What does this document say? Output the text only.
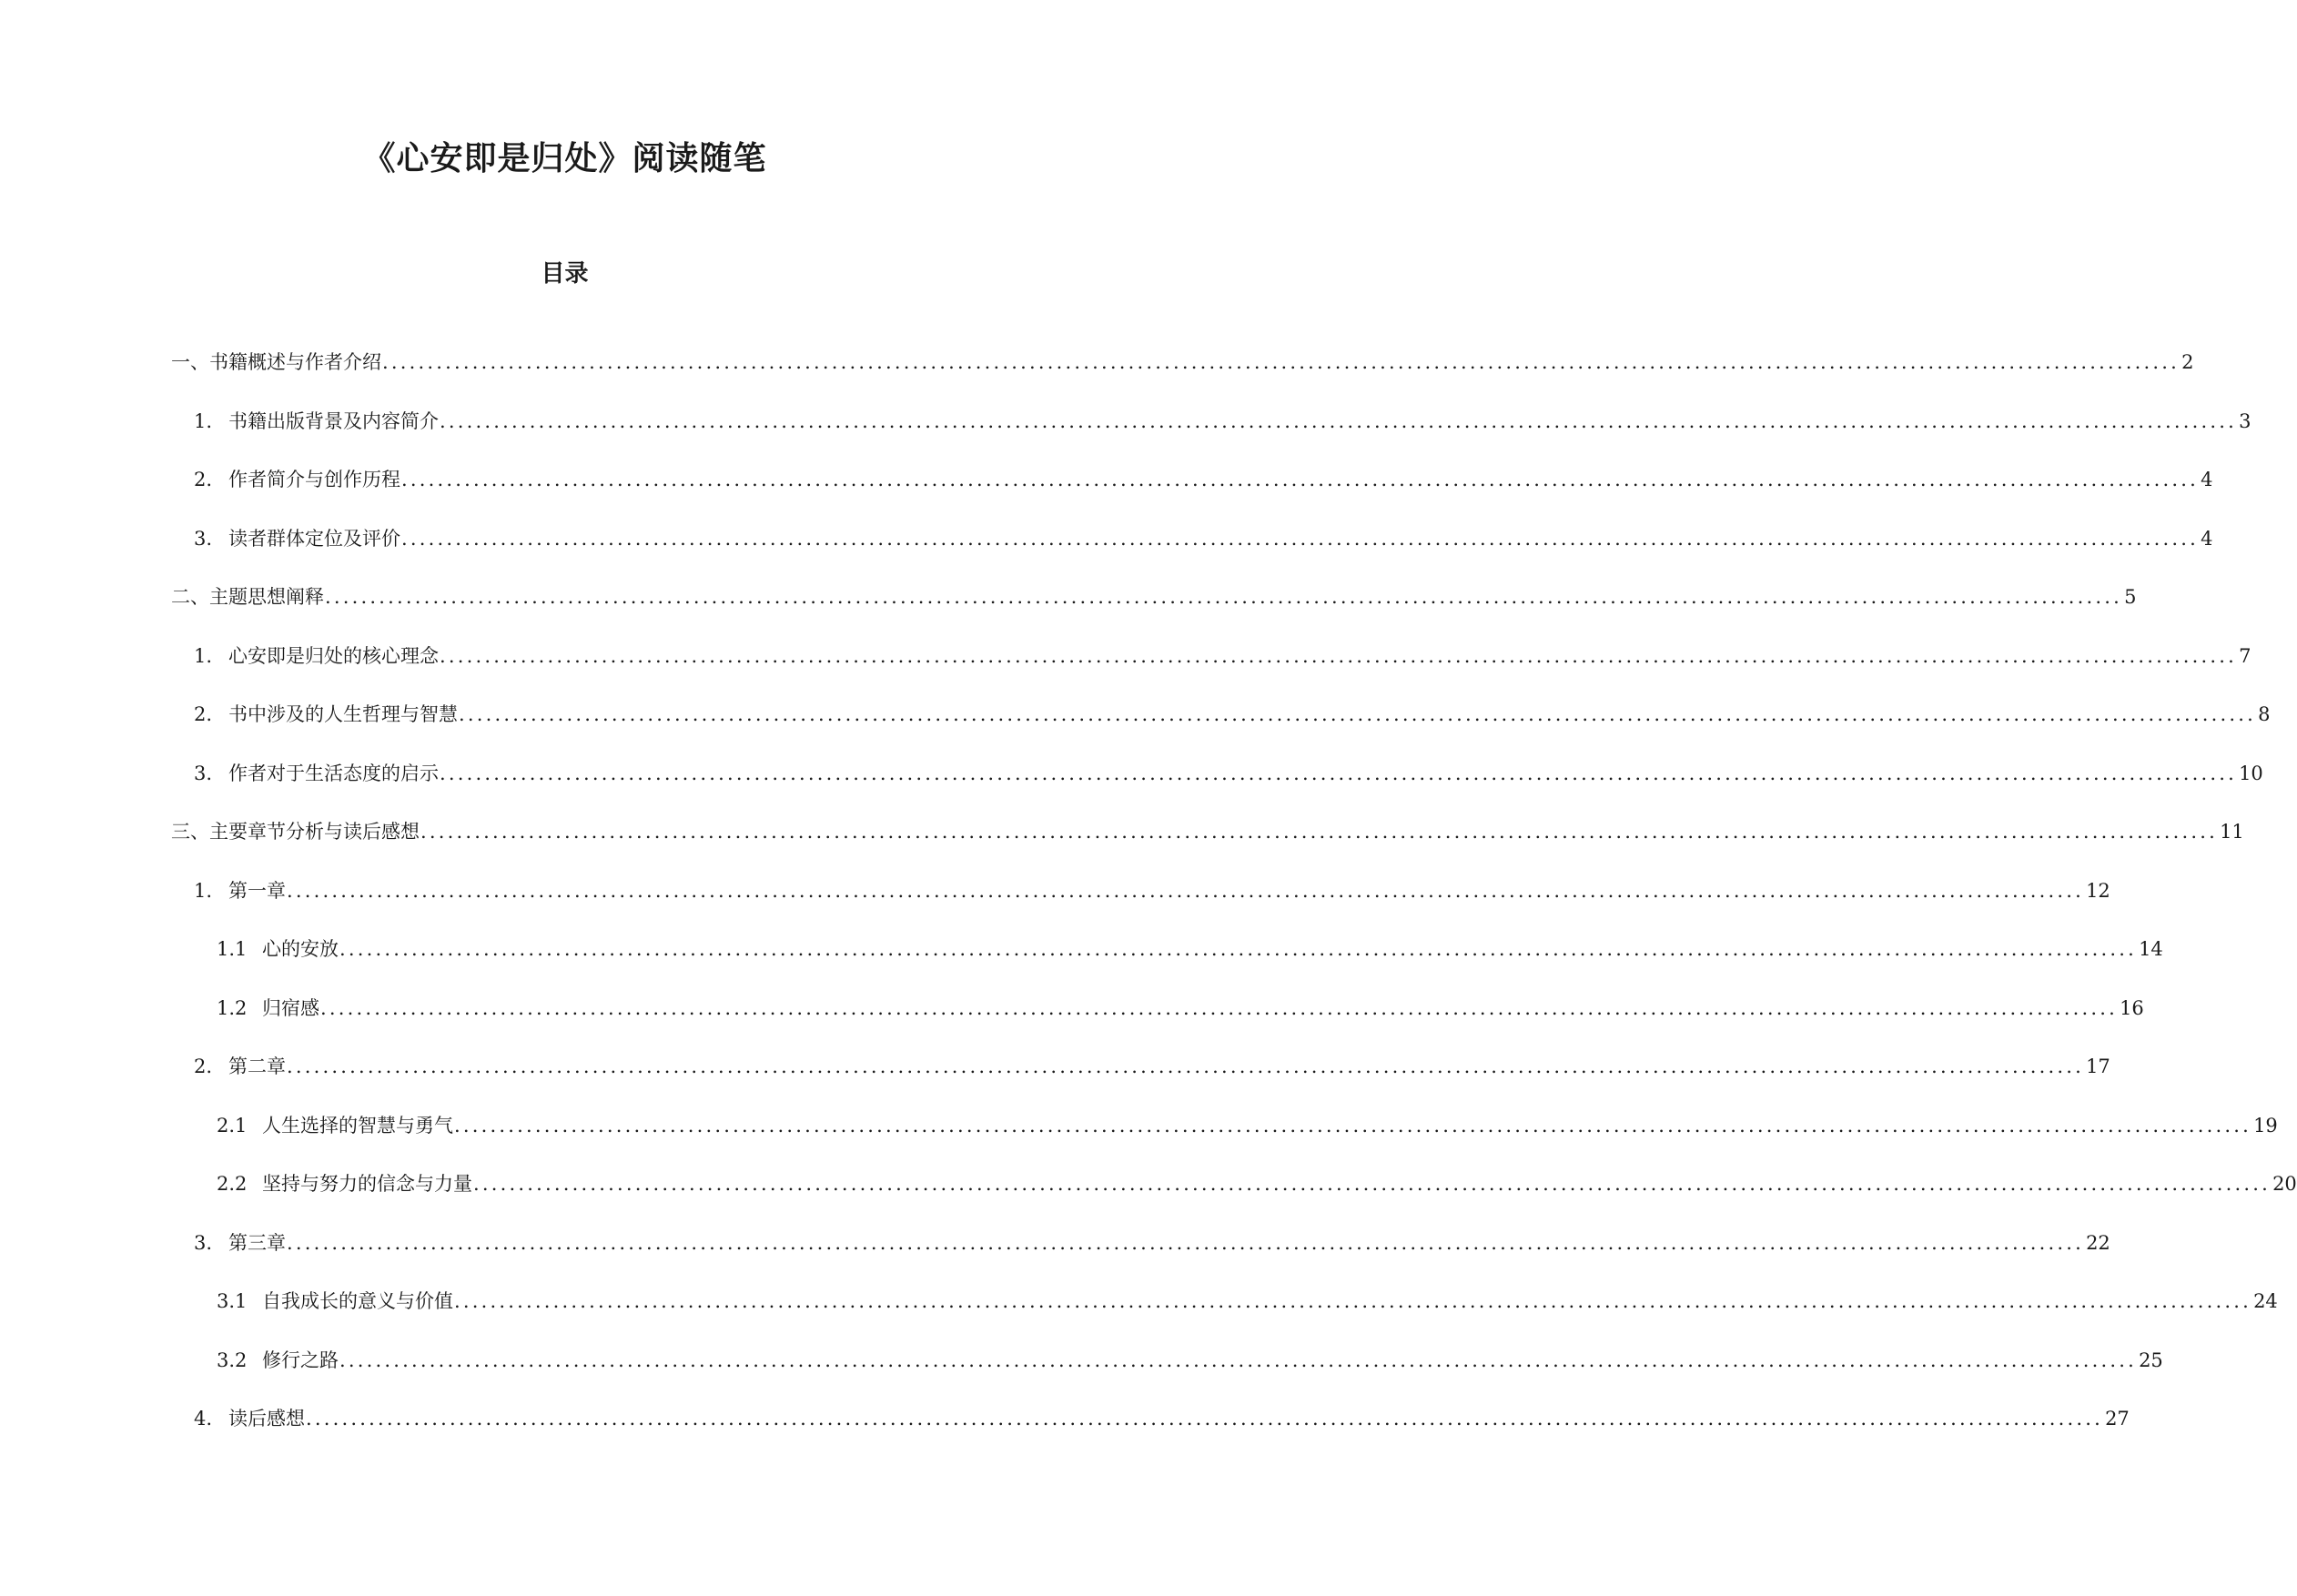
《心安即是归处》阅读随笔
目录
一、书籍概述与作者介绍 ........................................................................................................................................................................................................ 2
1. 书籍出版背景及内容简介 ........................................................................................................................................................................................................ 3
2. 作者简介与创作历程 ........................................................................................................................................................................................................ 4
3. 读者群体定位及评价 ........................................................................................................................................................................................................ 4
二、主题思想阐释 ........................................................................................................................................................................................................ 5
1. 心安即是归处的核心理念 ........................................................................................................................................................................................................ 7
2. 书中涉及的人生哲理与智慧 ........................................................................................................................................................................................................ 8
3. 作者对于生活态度的启示 ........................................................................................................................................................................................................ 10
三、主要章节分析与读后感想 ........................................................................................................................................................................................................ 11
1. 第一章 ........................................................................................................................................................................................................ 12
1.1 心的安放 ........................................................................................................................................................................................................ 14
1.2 归宿感 ........................................................................................................................................................................................................ 16
2. 第二章 ........................................................................................................................................................................................................ 17
2.1 人生选择的智慧与勇气 ........................................................................................................................................................................................................ 19
2.2 坚持与努力的信念与力量 ........................................................................................................................................................................................................ 20
3. 第三章 ........................................................................................................................................................................................................ 22
3.1 自我成长的意义与价值 ........................................................................................................................................................................................................ 24
3.2 修行之路 ........................................................................................................................................................................................................ 25
4. 读后感想 ........................................................................................................................................................................................................ 27
